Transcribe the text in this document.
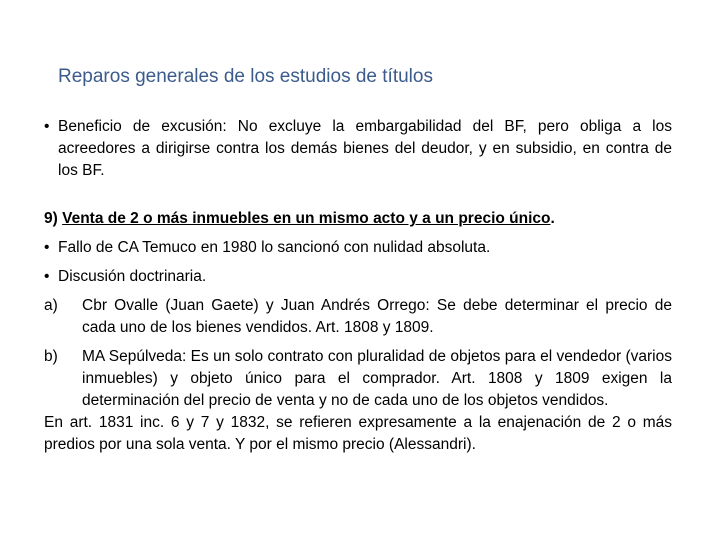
Reparos generales de los estudios de títulos
• Beneficio de excusión: No excluye la embargabilidad del BF, pero obliga a los acreedores a dirigirse contra los demás bienes del deudor, y en subsidio, en contra de los BF.
9) Venta de 2 o más inmuebles en un mismo acto y a un precio único.
• Fallo de CA Temuco en 1980 lo sancionó con nulidad absoluta.
• Discusión doctrinaria.
a) Cbr Ovalle (Juan Gaete) y Juan Andrés Orrego: Se debe determinar el precio de cada uno de los bienes vendidos. Art. 1808 y 1809.
b) MA Sepúlveda: Es un solo contrato con pluralidad de objetos para el vendedor (varios inmuebles) y objeto único para el comprador. Art. 1808 y 1809 exigen la determinación del precio de venta y no de cada uno de los objetos vendidos.
En art. 1831 inc. 6 y 7 y 1832, se refieren expresamente a la enajenación de 2 o más predios por una sola venta. Y por el mismo precio (Alessandri).
